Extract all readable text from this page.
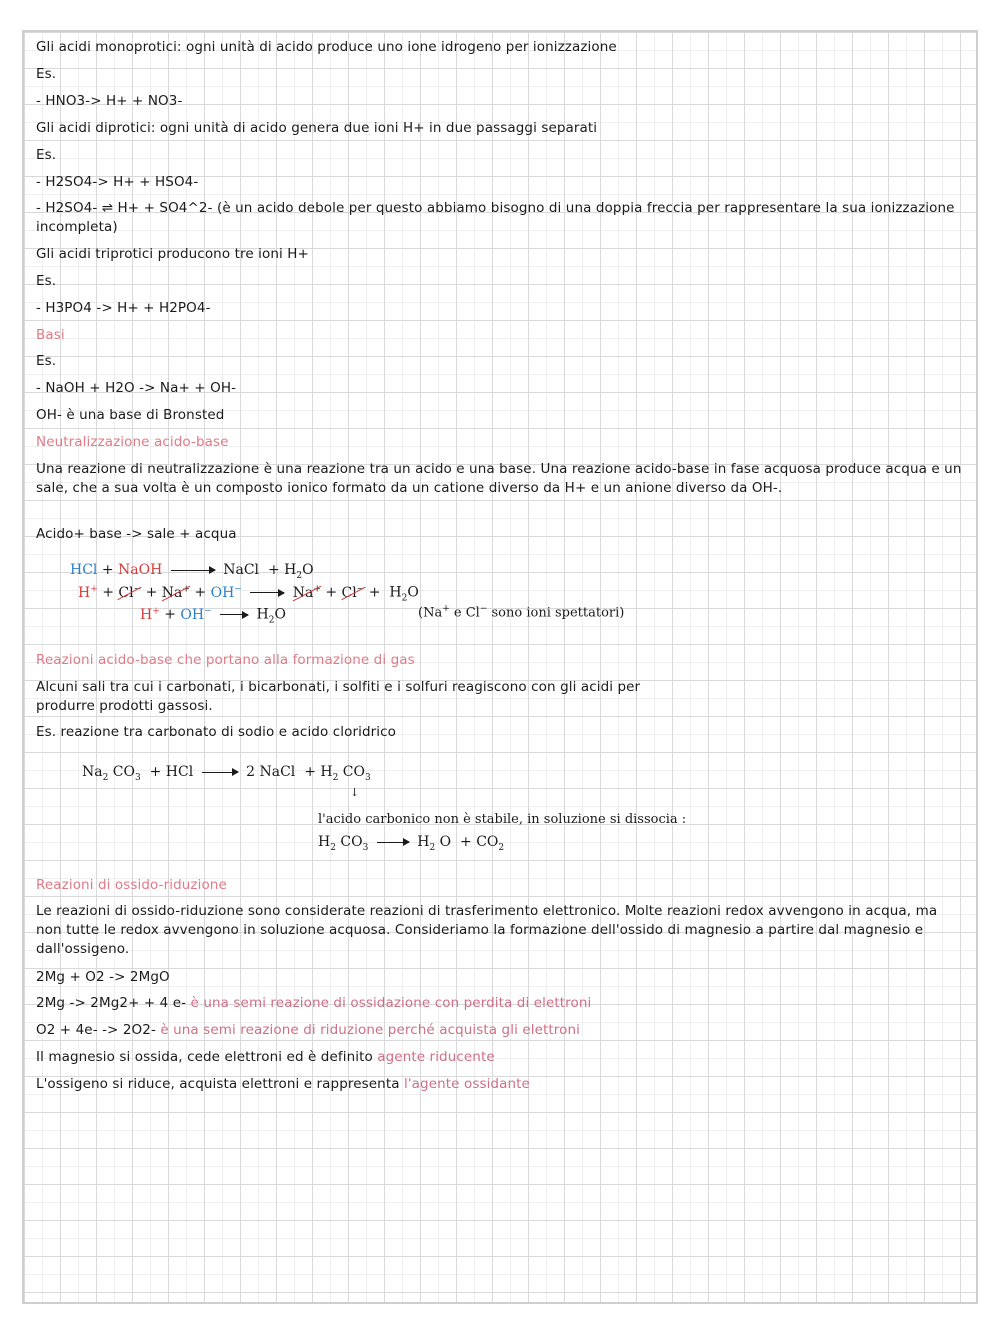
Gli acidi monoprotici: ogni unità di acido produce uno ione idrogeno per ionizzazione
Es.
- HNO3-> H+ + NO3-
Gli acidi diprotici: ogni unità di acido genera due ioni H+ in due passaggi separati
Es.
- H2SO4-> H+ + HSO4-
- H2SO4- ⇌ H+ + SO4^2- (è un acido debole per questo abbiamo bisogno di una doppia freccia per rappresentare la sua ionizzazione incompleta)
Gli acidi triprotici producono tre ioni H+
Es.
- H3PO4 -> H+ + H2PO4-
Basi
Es.
- NaOH + H2O -> Na+ + OH-
OH- è una base di Bronsted
Neutralizzazione acido-base
Una reazione di neutralizzazione è una reazione tra un acido e una base. Una reazione acido-base in fase acquosa produce acqua e un sale, che a sua volta è un composto ionico formato da un catione diverso da H+ e un anione diverso da OH-.
Acido+ base -> sale + acqua
HCl + NaOH	NaCl + $H_2O$
H+ + Cl− + Na+ + OH−	$Na^+ + Cl^- + H_2O$
H+ + OH−	$H_2O$	(Na+ e Cl− sono ioni spettatori)
Reazioni acido-base che portano alla formazione di gas
Alcuni sali tra cui i carbonati, i bicarbonati, i solfiti e i solfuri reagiscono con gli acidi per
produrre prodotti gassosi.
Es. reazione tra carbonato di sodio e acido cloridrico
$Na_2$ $CO_3$ + HCl	2 NaCl + $H_2$ $CO_3$
↓
l'acido carbonico non è stabile, in soluzione si dissocia :
$H_2$ $CO_3$	$H_2$ $O + CO_2$
Reazioni di ossido-riduzione
Le reazioni di ossido-riduzione sono considerate reazioni di trasferimento elettronico. Molte reazioni redox avvengono in acqua, ma non tutte le redox avvengono in soluzione acquosa. Consideriamo la formazione dell'ossido di magnesio a partire dal magnesio e dall'ossigeno.
2Mg + O2 -> 2MgO
2Mg -> 2Mg2+ + 4 e- è una semi reazione di ossidazione con perdita di elettroni
O2 + 4e- -> 2O2- è una semi reazione di riduzione perché acquista gli elettroni
Il magnesio si ossida, cede elettroni ed è definito agente riducente
L'ossigeno si riduce, acquista elettroni e rappresenta l'agente ossidante
